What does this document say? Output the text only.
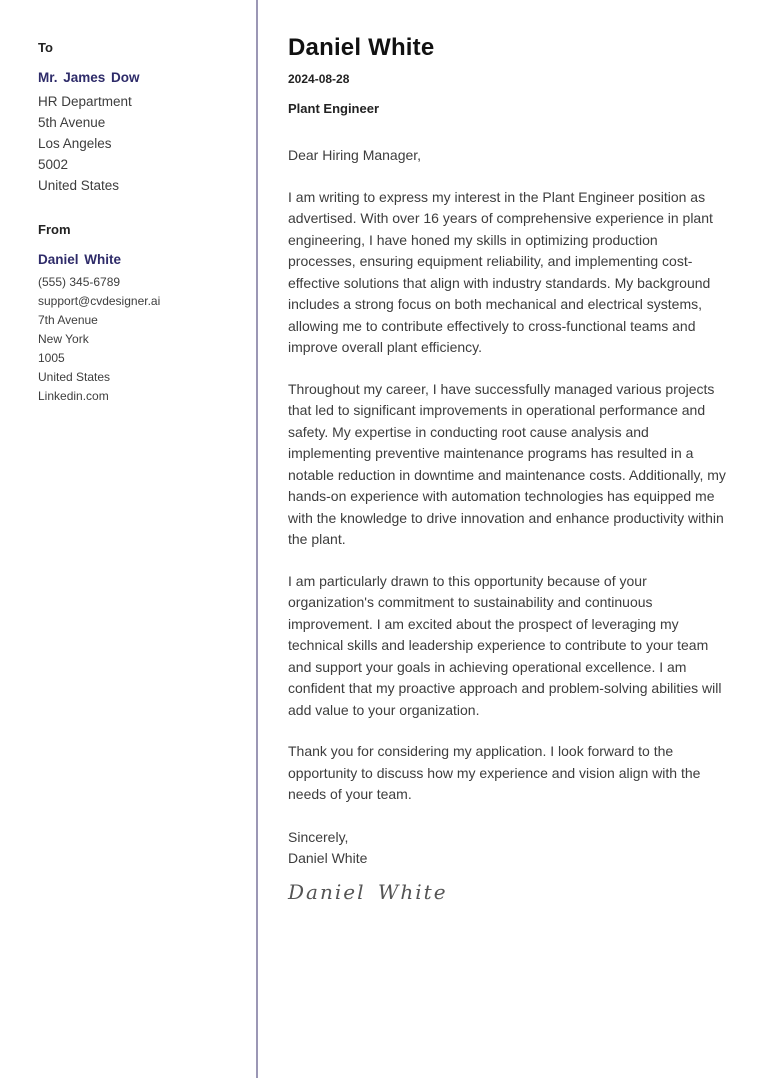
To
Mr. James Dow
HR Department
5th Avenue
Los Angeles
5002
United States
From
Daniel White
(555) 345-6789
support@cvdesigner.ai
7th Avenue
New York
1005
United States
Linkedin.com
Daniel White
2024-08-28
Plant Engineer

Dear Hiring Manager,

I am writing to express my interest in the Plant Engineer position as advertised. With over 16 years of comprehensive experience in plant engineering, I have honed my skills in optimizing production processes, ensuring equipment reliability, and implementing cost-effective solutions that align with industry standards. My background includes a strong focus on both mechanical and electrical systems, allowing me to contribute effectively to cross-functional teams and improve overall plant efficiency.

Throughout my career, I have successfully managed various projects that led to significant improvements in operational performance and safety. My expertise in conducting root cause analysis and implementing preventive maintenance programs has resulted in a notable reduction in downtime and maintenance costs. Additionally, my hands-on experience with automation technologies has equipped me with the knowledge to drive innovation and enhance productivity within the plant.

I am particularly drawn to this opportunity because of your organization's commitment to sustainability and continuous improvement. I am excited about the prospect of leveraging my technical skills and leadership experience to contribute to your team and support your goals in achieving operational excellence. I am confident that my proactive approach and problem-solving abilities will add value to your organization.

Thank you for considering my application. I look forward to the opportunity to discuss how my experience and vision align with the needs of your team.

Sincerely,
Daniel White
Daniel White
